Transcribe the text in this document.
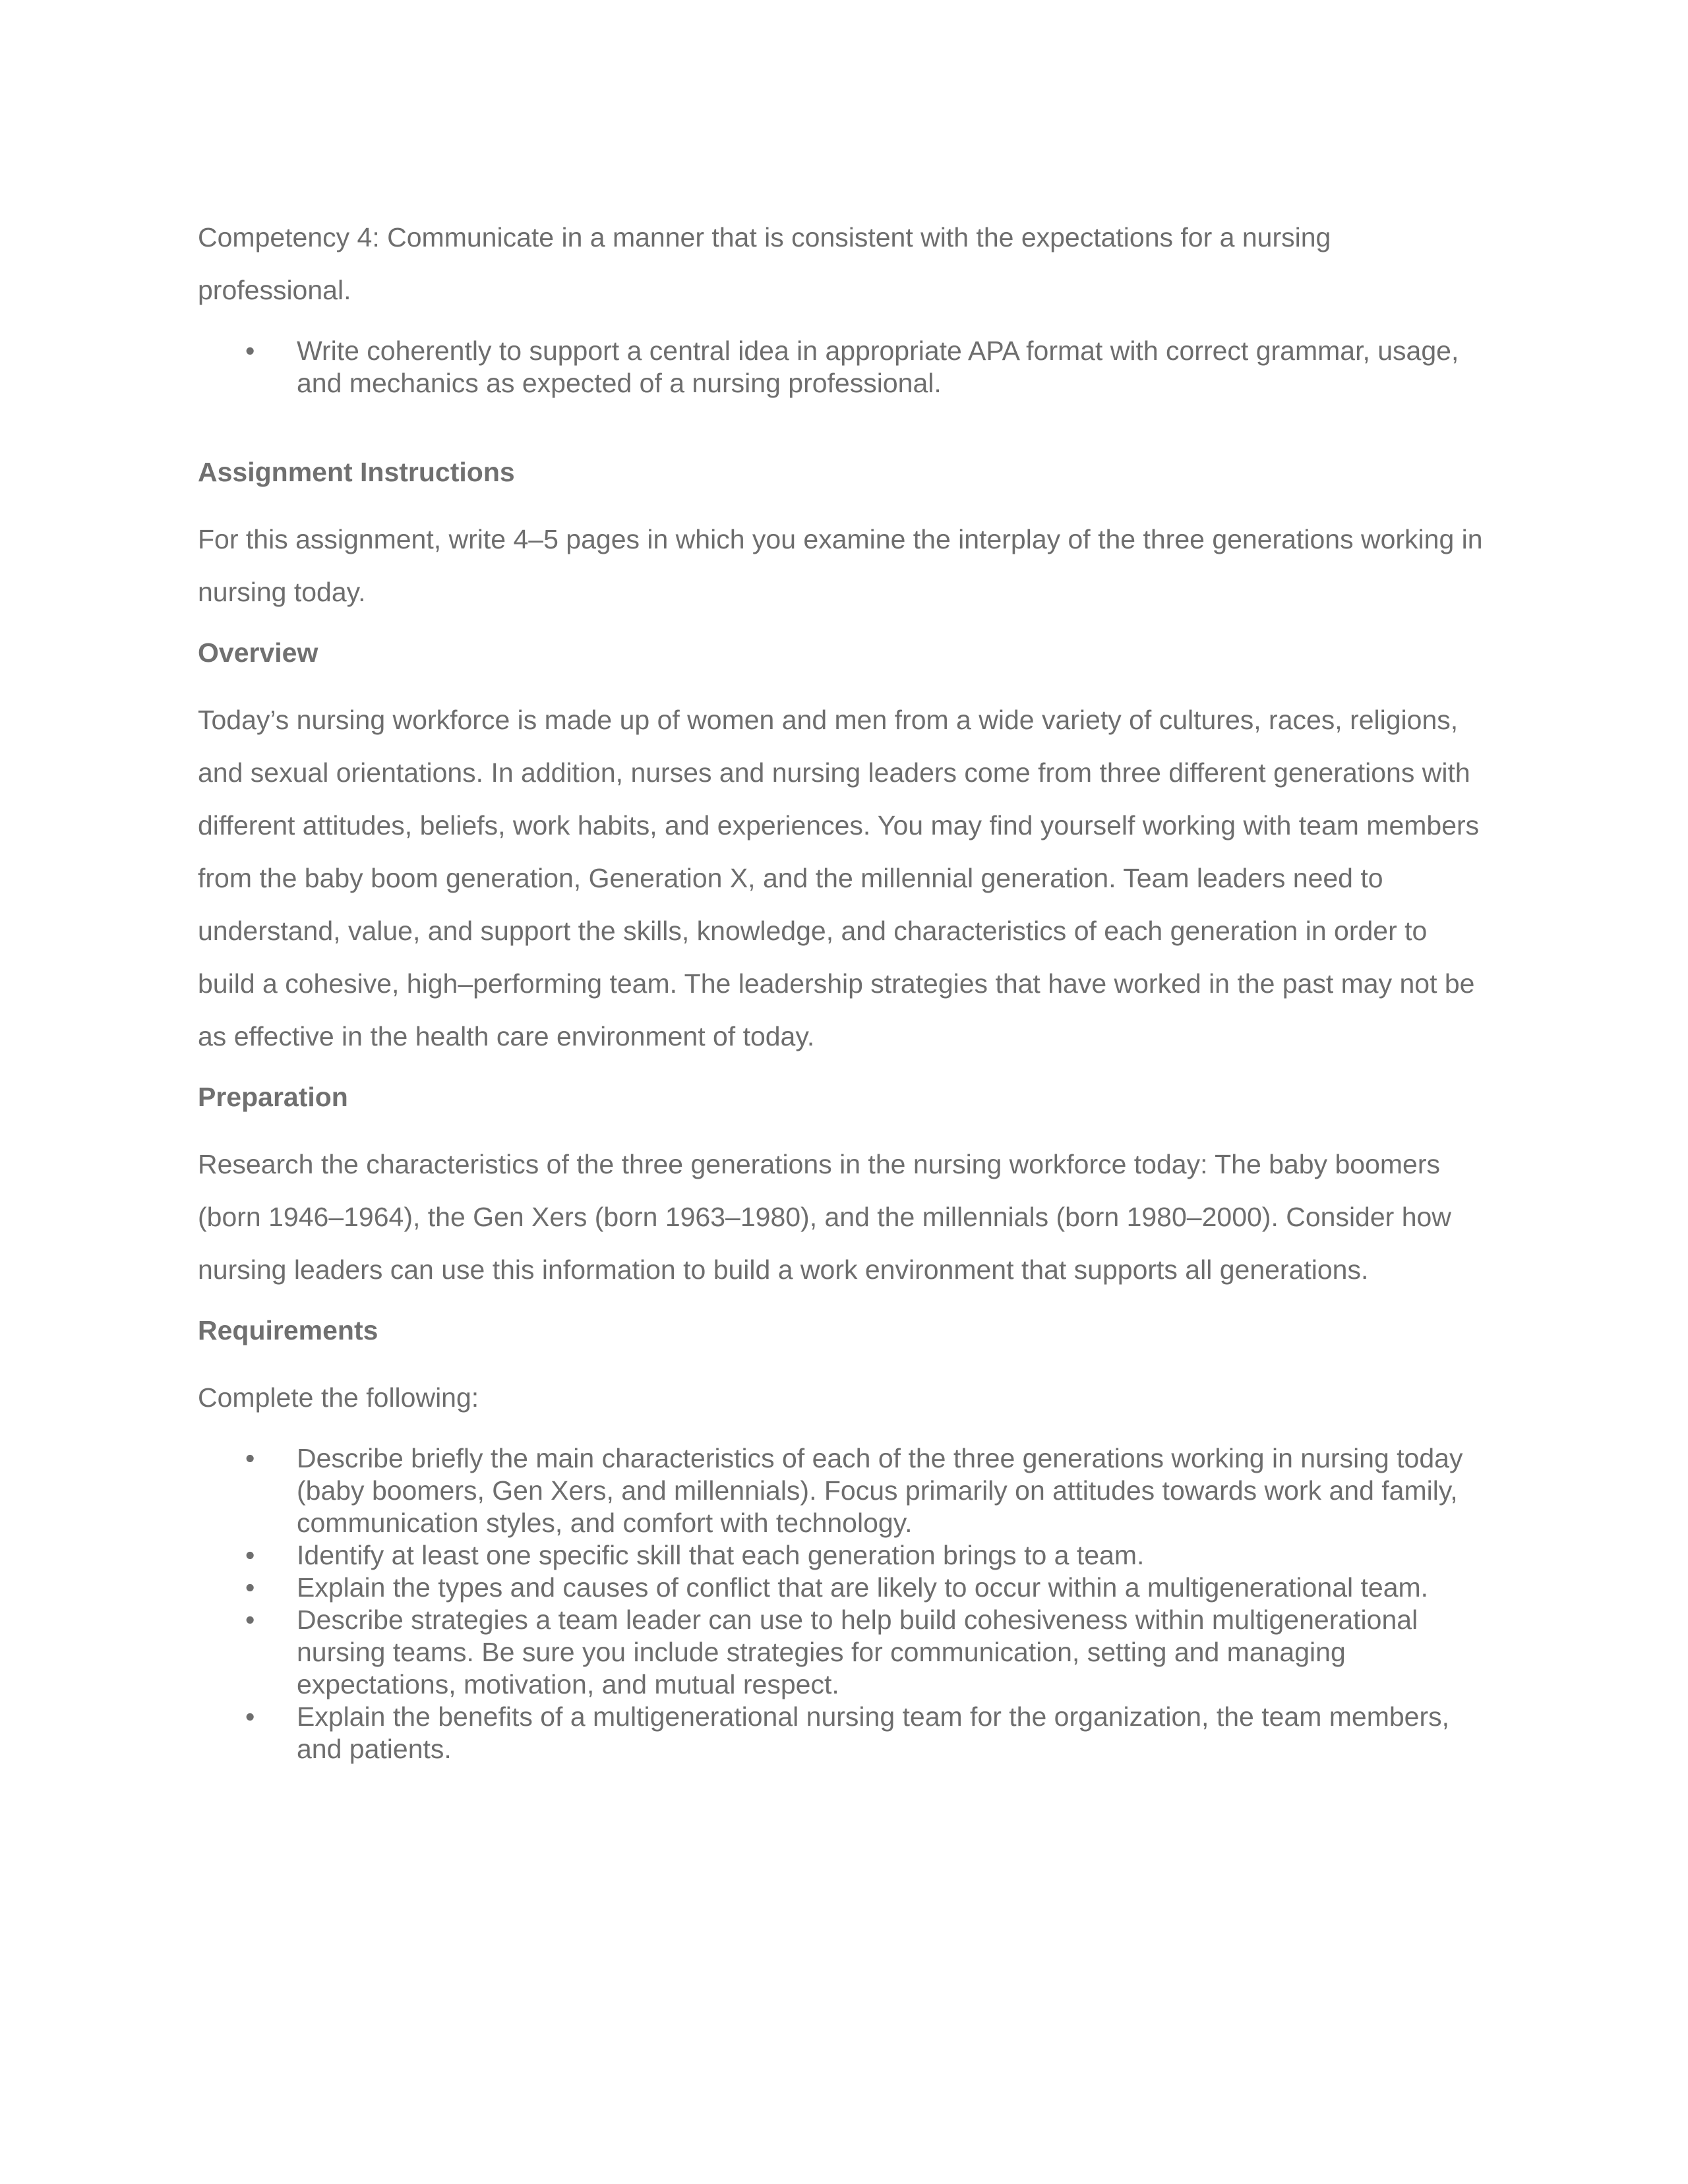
Competency 4: Communicate in a manner that is consistent with the expectations for a nursing professional.

• Write coherently to support a central idea in appropriate APA format with correct grammar, usage, and mechanics as expected of a nursing professional.
Assignment Instructions

For this assignment, write 4–5 pages in which you examine the interplay of the three generations working in nursing today.

Overview

Today’s nursing workforce is made up of women and men from a wide variety of cultures, races, religions, and sexual orientations. In addition, nurses and nursing leaders come from three different generations with different attitudes, beliefs, work habits, and experiences. You may find yourself working with team members from the baby boom generation, Generation X, and the millennial generation. Team leaders need to understand, value, and support the skills, knowledge, and characteristics of each generation in order to build a cohesive, high–performing team. The leadership strategies that have worked in the past may not be as effective in the health care environment of today.

Preparation

Research the characteristics of the three generations in the nursing workforce today: The baby boomers (born 1946–1964), the Gen Xers (born 1963–1980), and the millennials (born 1980–2000). Consider how nursing leaders can use this information to build a work environment that supports all generations.

Requirements

Complete the following:

• Describe briefly the main characteristics of each of the three generations working in nursing today (baby boomers, Gen Xers, and millennials). Focus primarily on attitudes towards work and family, communication styles, and comfort with technology.
• Identify at least one specific skill that each generation brings to a team.
• Explain the types and causes of conflict that are likely to occur within a multigenerational team.
• Describe strategies a team leader can use to help build cohesiveness within multigenerational nursing teams. Be sure you include strategies for communication, setting and managing expectations, motivation, and mutual respect.
• Explain the benefits of a multigenerational nursing team for the organization, the team members, and patients.
